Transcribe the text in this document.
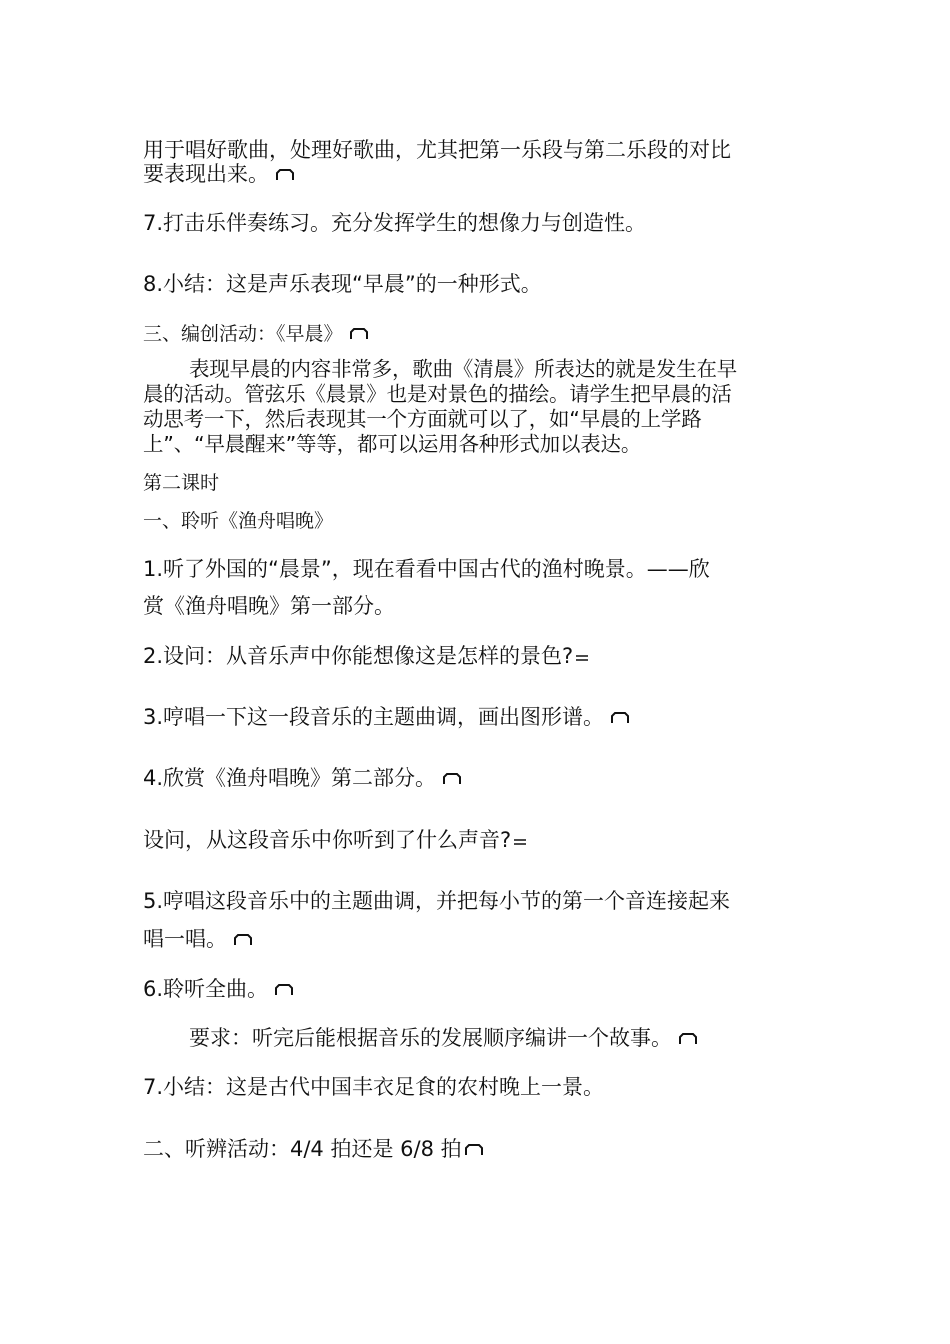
用于唱好歌曲，处理好歌曲，尤其把第一乐段与第二乐段的对比

要表现出来。

7.打击乐伴奏练习。充分发挥学生的想像力与创造性。

8.小结：这是声乐表现“早晨”的一种形式。

三、编创活动：《早晨》

表现早晨的内容非常多，歌曲《清晨》所表达的就是发生在早

晨的活动。管弦乐《晨景》也是对景色的描绘。请学生把早晨的活

动思考一下，然后表现其一个方面就可以了，如“早晨的上学路

上”、“早晨醒来”等等，都可以运用各种形式加以表达。

第二课时

一、聆听《渔舟唱晚》

1.听了外国的“晨景”，现在看看中国古代的渔村晚景。——欣

赏《渔舟唱晚》第一部分。

2.设问：从音乐声中你能想像这是怎样的景色?

3.哼唱一下这一段音乐的主题曲调，画出图形谱。

4.欣赏《渔舟唱晚》第二部分。

设问，从这段音乐中你听到了什么声音?

5.哼唱这段音乐中的主题曲调，并把每小节的第一个音连接起来

唱一唱。

6.聆听全曲。

要求：听完后能根据音乐的发展顺序编讲一个故事。

7.小结：这是古代中国丰衣足食的农村晚上一景。

二、听辨活动：4/4 拍还是 6/8 拍
